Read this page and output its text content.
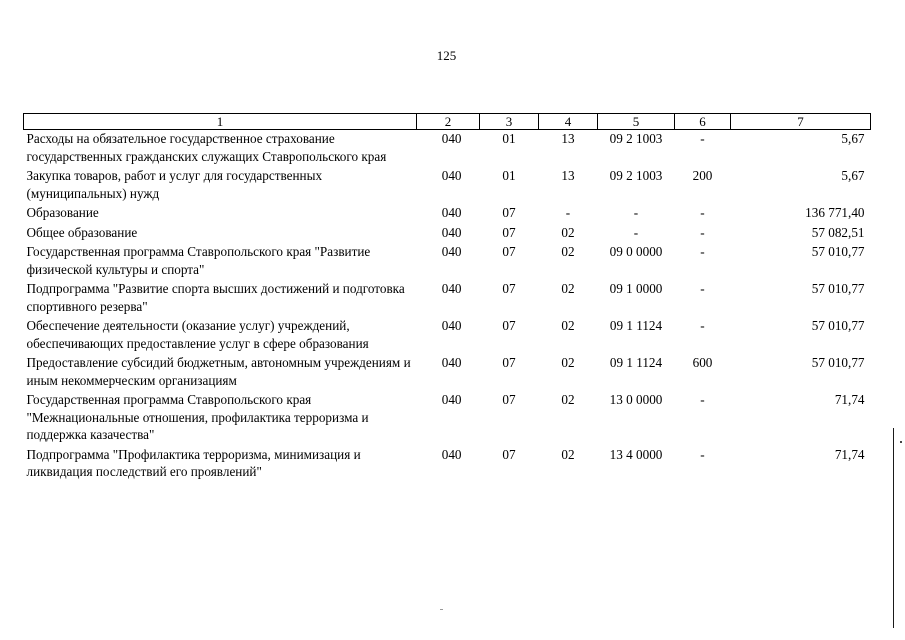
125
1	2	3	4	5	6	7
Расходы на обязательное государственное страхование государственных гражданских служащих Ставропольского края	040	01	13	09 2 1003	-	5,67
Закупка товаров, работ и услуг для государственных (муниципальных) нужд	040	01	13	09 2 1003	200	5,67
Образование	040	07	-	-	-	136 771,40
Общее образование	040	07	02	-	-	57 082,51
Государственная программа Ставропольского края "Развитие физической культуры и спорта"	040	07	02	09 0 0000	-	57 010,77
Подпрограмма "Развитие спорта высших достижений и подготовка спортивного резерва"	040	07	02	09 1 0000	-	57 010,77
Обеспечение деятельности (оказание услуг) учреждений, обеспечивающих предоставление услуг в сфере образования	040	07	02	09 1 1124	-	57 010,77
Предоставление субсидий бюджетным, автономным учреждениям и иным некоммерческим организациям	040	07	02	09 1 1124	600	57 010,77
Государственная программа Ставропольского края "Межнациональные отношения, профилактика терроризма и поддержка казачества"	040	07	02	13 0 0000	-	71,74
Подпрограмма "Профилактика терроризма, минимизация и ликвидация последствий его проявлений"	040	07	02	13 4 0000	-	71,74
